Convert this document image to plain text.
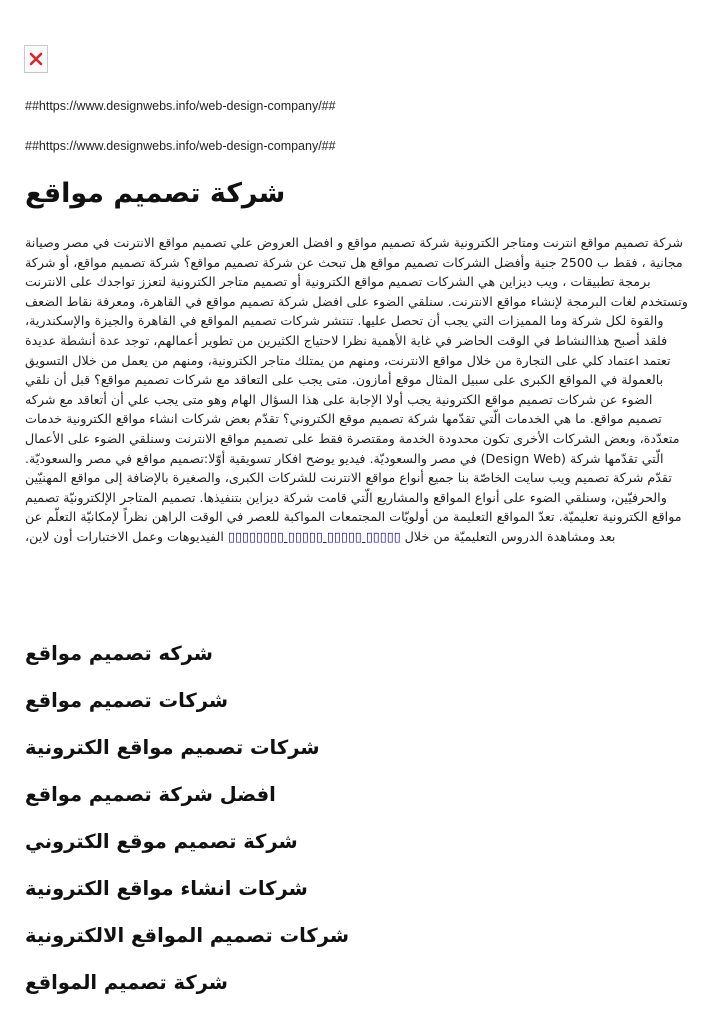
##https://www.designwebs.info/web-design-company/##
##https://www.designwebs.info/web-design-company/##
شركة تصميم مواقع

شركة تصميم مواقع انترنت ومتاجر الكترونية شركة تصميم مواقع و افضل العروض علي تصميم مواقع الانترنت في مصر وصيانة مجانية ، فقط ب 2500 جنية وأفضل الشركات تصميم مواقع هل تبحث عن شركة تصميم مواقع؟ شركة تصميم مواقع، أو شركة برمجة تطبيقات ، ويب ديزاين هي الشركات تصميم مواقع الكترونية أو تصميم متاجر الكترونية لتعزز تواجدك على الانترنت وتستخدم لغات البرمجة لإنشاء مواقع الانترنت. سنلقي الضوء على افضل شركة تصميم مواقع في القاهرة، ومعرفة نقاط الضعف والقوة لكل شركة وما المميزات التي يجب أن تحصل عليها. تنتشر شركات تصميم المواقع في القاهرة والجيزة والإسكندرية، فلقد أصبح هذاالنشاط في الوقت الحاضر في غاية الأهمية نظرا لاحتياج الكثيرين من تطوير أعمالهم، توجد عدة أنشطة عديدة تعتمد اعتماد كلي على التجارة من خلال مواقع الانترنت، ومنهم من يمتلك متاجر الكترونية، ومنهم من يعمل من خلال التسويق بالعمولة في المواقع الكبرى على سبيل المثال موقع أمازون. متى يجب على التعاقد مع شركات تصميم مواقع؟ قبل أن نلقي الضوء عن شركات تصميم مواقع الكترونية يجب أولا الإجابة على هذا السؤال الهام وهو متى يجب علي أن أتعاقد مع شركه تصميم مواقع. ما هي الخدمات الّتي تقدّمها شركة تصميم موقع الكتروني؟ تقدّم بعض شركات انشاء مواقع الكترونية خدمات متعدّدة، وبعض الشركات الأخرى تكون محدودة الخدمة ومقتصرة فقط على تصميم مواقع الانترنت وسنلقي الضوء على الأعمال الّتي تقدّمها شركة (Design Web) في مصر والسعوديّة. فيديو يوضح افكار تسويقية أوّلا:تصميم مواقع في مصر والسعوديّة. تقدّم شركة تصميم ويب سايت الخاصّة بنا جميع أنواع مواقع الانترنت للشركات الكبرى، والصغيرة بالإضافة إلى مواقع المهنيّين والحرفيّين، وسنلقي الضوء على أنواع المواقع والمشاريع الّتي قامت شركة ديزاين بتنفيذها. تصميم المتاجر الإلكترونيّة تصميم مواقع الكترونية تعليميّة. تعدّ المواقع التعليمة من أولويّات المجتمعات المواكبة للعصر في الوقت الراهن نظراً لإمكانيّة التعلّم عن بعد ومشاهدة الدروس التعليميّة من خلال ▯▯▯▯▯ ▯▯▯▯▯ ▯▯▯▯▯ ▯▯▯▯▯▯▯▯ الفيديوهات وعمل الاختبارات أون لاين،

شركه تصميم مواقع
شركات تصميم مواقع
شركات تصميم مواقع الكترونية
افضل شركة تصميم مواقع
شركة تصميم موقع الكتروني
شركات انشاء مواقع الكترونية
شركات تصميم المواقع الالكترونية
شركة تصميم المواقع
